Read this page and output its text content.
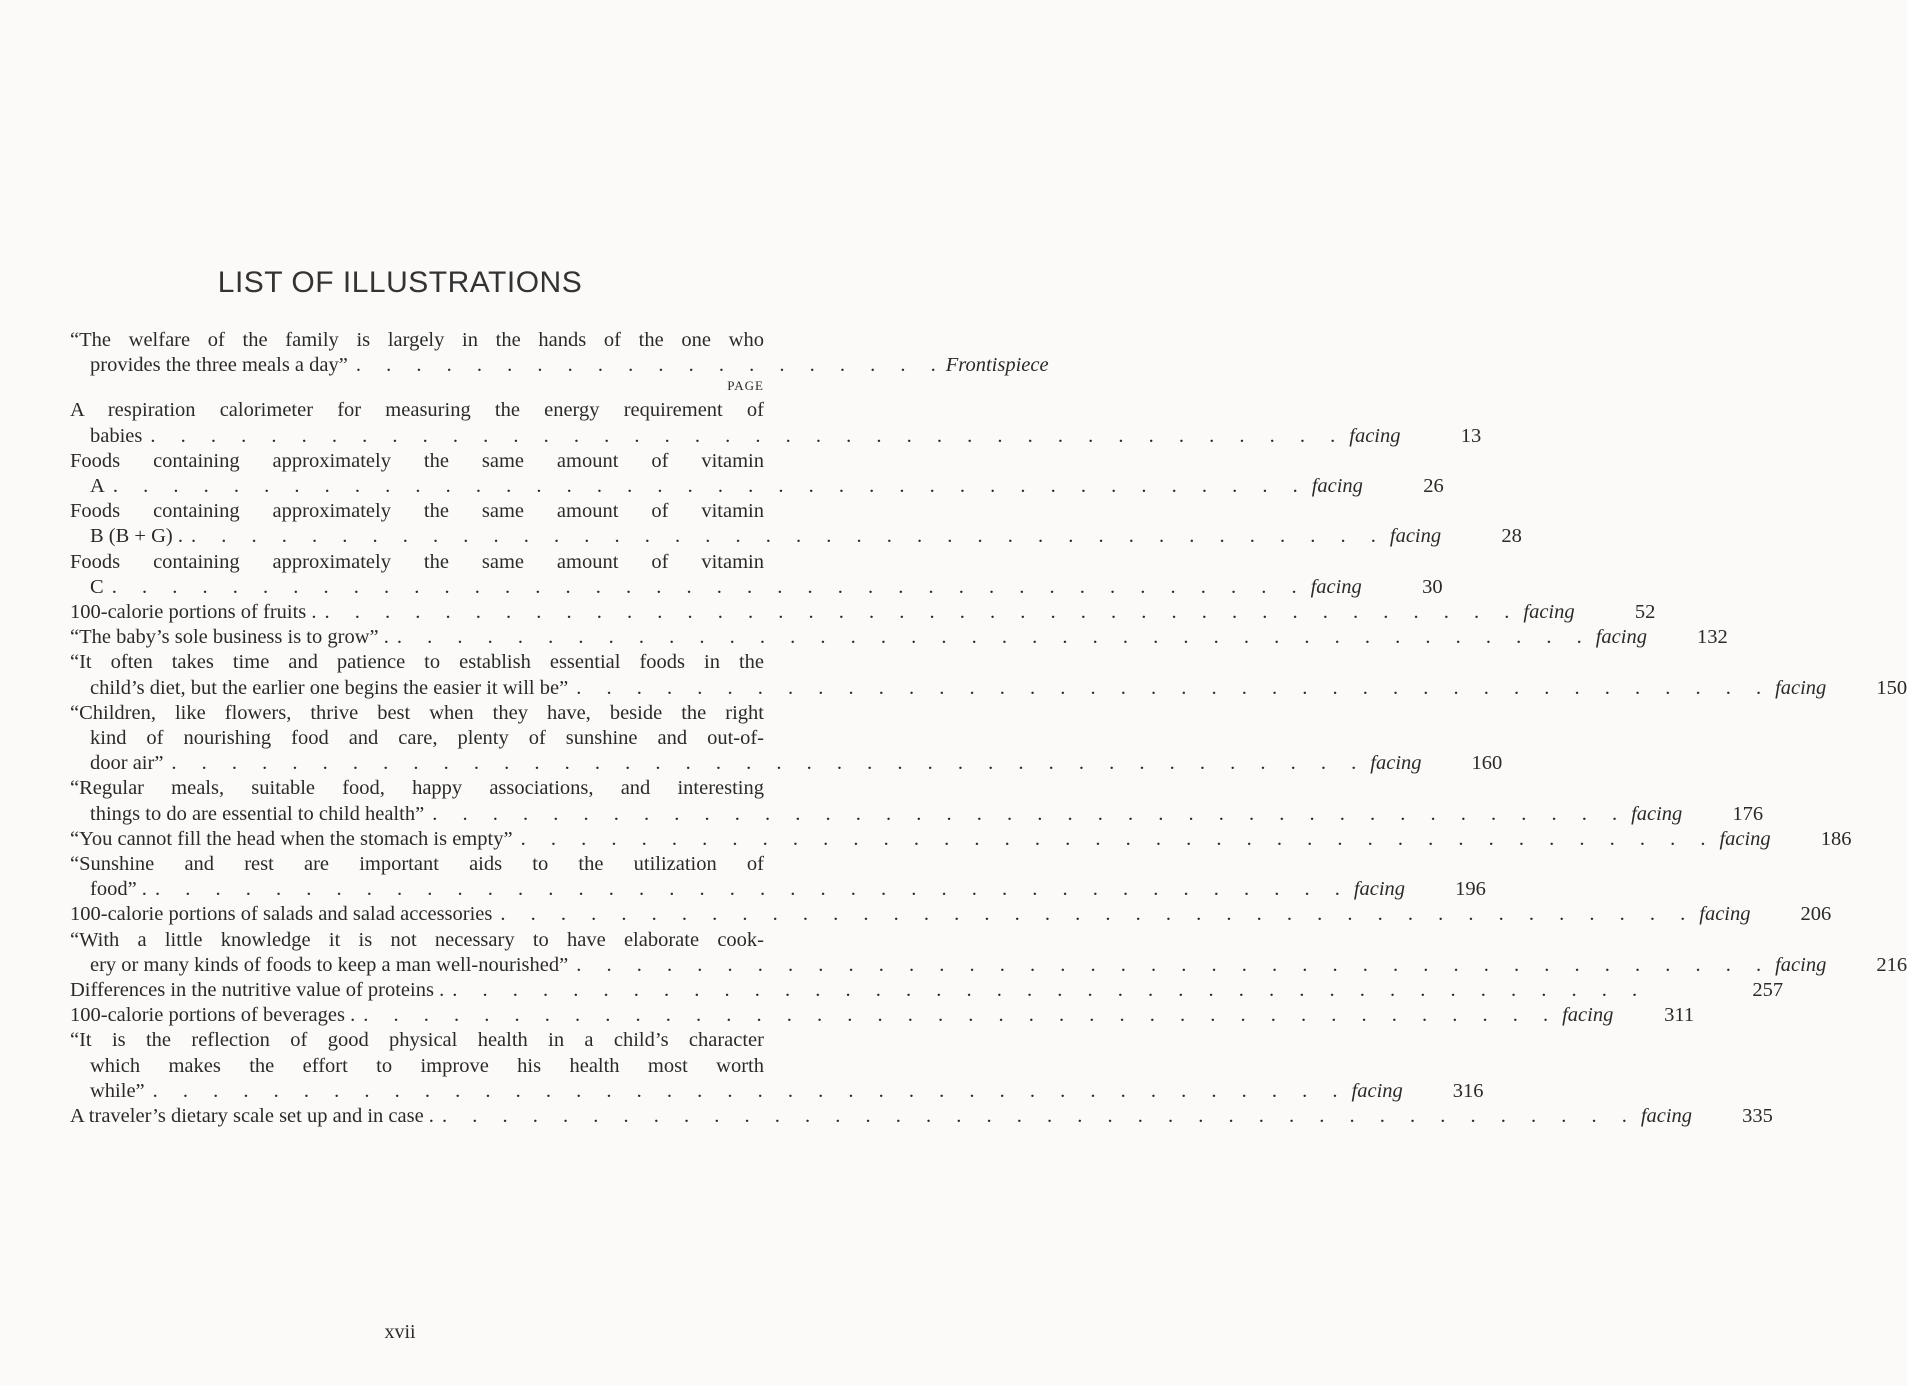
LIST OF ILLUSTRATIONS
“The welfare of the family is largely in the hands of the one who
provides the three meals a day” . . . . . . . . . . . . . . . . . . . . Frontispiece
PAGE
A respiration calorimeter for measuring the energy requirement of
babies . . . . . . . . . . . . . . . . . . . . . . . . . . . . . . . . . . . . . . . . facing	13
Foods containing approximately the same amount of vitamin
A . . . . . . . . . . . . . . . . . . . . . . . . . . . . . . . . . . . . . . . . facing	26
Foods containing approximately the same amount of vitamin
B (B + G) . . . . . . . . . . . . . . . . . . . . . . . . . . . . . . . . . . . . . . . . . facing	28
Foods containing approximately the same amount of vitamin
C . . . . . . . . . . . . . . . . . . . . . . . . . . . . . . . . . . . . . . . . facing	30
100-calorie portions of fruits . . . . . . . . . . . . . . . . . . . . . . . . . . . . . . . . . . . . . . . . . facing	52
“The baby’s sole business is to grow” . . . . . . . . . . . . . . . . . . . . . . . . . . . . . . . . . . . . . . . . . facing	132
“It often takes time and patience to establish essential foods in the
child’s diet, but the earlier one begins the easier it will be” . . . . . . . . . . . . . . . . . . . . . . . . . . . . . . . . . . . . . . . . facing	150
“Children, like flowers, thrive best when they have, beside the right
kind of nourishing food and care, plenty of sunshine and out-of-
door air” . . . . . . . . . . . . . . . . . . . . . . . . . . . . . . . . . . . . . . . . facing	160
“Regular meals, suitable food, happy associations, and interesting
things to do are essential to child health” . . . . . . . . . . . . . . . . . . . . . . . . . . . . . . . . . . . . . . . . facing	176
“You cannot fill the head when the stomach is empty” . . . . . . . . . . . . . . . . . . . . . . . . . . . . . . . . . . . . . . . . facing	186
“Sunshine and rest are important aids to the utilization of
food” . . . . . . . . . . . . . . . . . . . . . . . . . . . . . . . . . . . . . . . . . facing	196
100-calorie portions of salads and salad accessories . . . . . . . . . . . . . . . . . . . . . . . . . . . . . . . . . . . . . . . . facing	206
“With a little knowledge it is not necessary to have elaborate cook-
ery or many kinds of foods to keep a man well-nourished” . . . . . . . . . . . . . . . . . . . . . . . . . . . . . . . . . . . . . . . . facing	216
Differences in the nutritive value of proteins . . . . . . . . . . . . . . . . . . . . . . . . . . . . . . . . . . . . . . . . .	257
100-calorie portions of beverages . . . . . . . . . . . . . . . . . . . . . . . . . . . . . . . . . . . . . . . . . facing	311
“It is the reflection of good physical health in a child’s character
which makes the effort to improve his health most worth
while” . . . . . . . . . . . . . . . . . . . . . . . . . . . . . . . . . . . . . . . . facing	316
A traveler’s dietary scale set up and in case . . . . . . . . . . . . . . . . . . . . . . . . . . . . . . . . . . . . . . . . . facing	335
xvii
